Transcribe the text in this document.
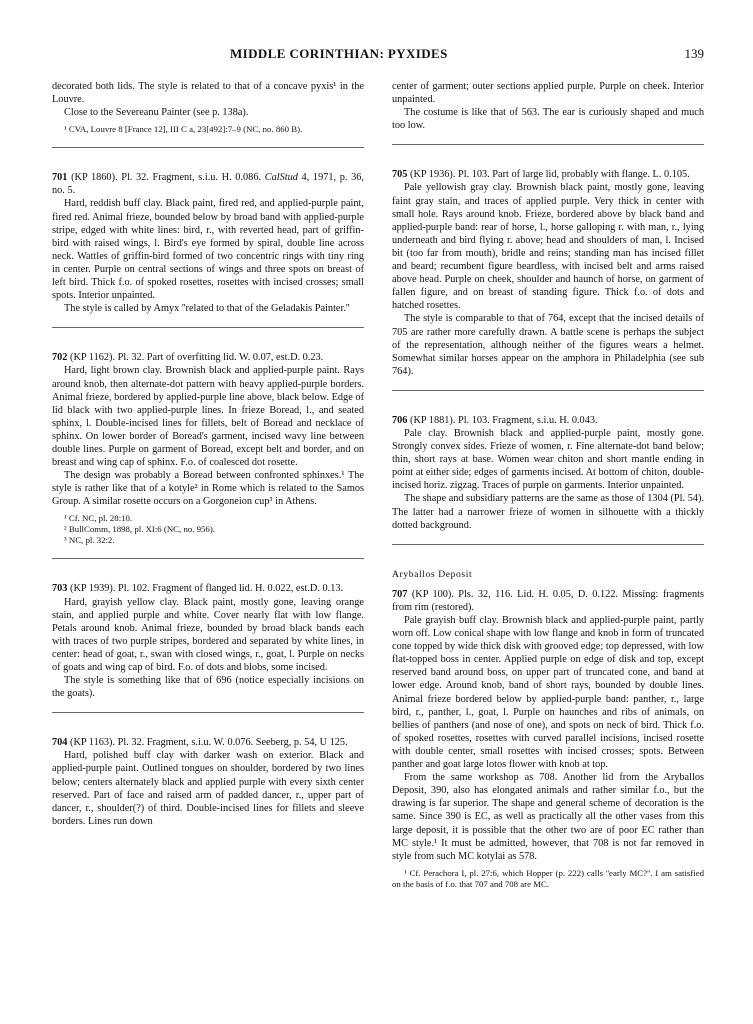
MIDDLE CORINTHIAN: PYXIDES	139

decorated both lids. The style is related to that of a concave pyxis¹ in the Louvre.

Close to the Severeanu Painter (see p. 138a).

¹ CVA, Louvre 8 [France 12], III C a, 23[492]:7–9 (NC, no. 860 B).

701 (KP 1860). Pl. 32. Fragment, s.i.u. H. 0.086. CalStud 4, 1971, p. 36, no. 5.

Hard, reddish buff clay. Black paint, fired red, and applied-purple paint, fired red. Animal frieze, bounded below by broad band with applied-purple stripe, edged with white lines: bird, r., with reverted head, part of griffin-bird with raised wings, l. Bird's eye formed by spiral, double line across neck. Wattles of griffin-bird formed of two concentric rings with tiny ring in center. Purple on central sections of wings and three spots on breast of left bird. Thick f.o. of spoked rosettes, rosettes with incised crosses; small spots. Interior unpainted.

The style is called by Amyx ''related to that of the Geladakis Painter.''

702 (KP 1162). Pl. 32. Part of overfitting lid. W. 0.07, est.D. 0.23.

Hard, light brown clay. Brownish black and applied-purple paint. Rays around knob, then alternate-dot pattern with heavy applied-purple borders. Animal frieze, bordered by applied-purple line above, black below. Edge of lid black with two applied-purple lines. In frieze Boread, l., and seated sphinx, l. Double-incised lines for fillets, belt of Boread and necklace of sphinx. On lower border of Boread's garment, incised wavy line between double lines. Purple on garment of Boread, except belt and border, and on breast and wing cap of sphinx. F.o. of coalesced dot rosette.

The design was probably a Boread between confronted sphinxes.¹ The style is rather like that of a kotyle² in Rome which is related to the Samos Group. A similar rosette occurs on a Gorgoneion cup³ in Athens.

¹ Cf. NC, pl. 28:10.

² BullComm, 1898, pl. XI:6 (NC, no. 956).

³ NC, pl. 32:2.

703 (KP 1939). Pl. 102. Fragment of flanged lid. H. 0.022, est.D. 0.13.

Hard, grayish yellow clay. Black paint, mostly gone, leaving orange stain, and applied purple and white. Cover nearly flat with low flange. Petals around knob. Animal frieze, bounded by broad black bands each with traces of two purple stripes, bordered and separated by white lines, in center: head of goat, r., swan with closed wings, r., goat, l. Purple on necks of goats and wing cap of bird. F.o. of dots and blobs, some incised.

The style is something like that of 696 (notice especially incisions on the goats).

704 (KP 1163). Pl. 32. Fragment, s.i.u. W. 0.076. Seeberg, p. 54, U 125.

Hard, polished buff clay with darker wash on exterior. Black and applied-purple paint. Outlined tongues on shoulder, bordered by two lines below; centers alternately black and applied purple with every sixth center reserved. Part of face and raised arm of padded dancer, r., upper part of dancer, r., shoulder(?) of third. Double-incised lines for fillets and sleeve borders. Lines run down

center of garment; outer sections applied purple. Purple on cheek. Interior unpainted.

The costume is like that of 563. The ear is curiously shaped and much too low.

705 (KP 1936). Pl. 103. Part of large lid, probably with flange. L. 0.105.

Pale yellowish gray clay. Brownish black paint, mostly gone, leaving faint gray stain, and traces of applied purple. Very thick in center with small hole. Rays around knob. Frieze, bordered above by black band and applied-purple band: rear of horse, l., horse galloping r. with man, r., lying underneath and bird flying r. above; head and shoulders of man, l. Incised bit (too far from mouth), bridle and reins; standing man has incised fillet and beard; recumbent figure beardless, with incised belt and arms raised above head. Purple on cheek, shoulder and haunch of horse, on garment of fallen figure, and on breast of standing figure. Thick f.o. of dots and hatched rosettes.

The style is comparable to that of 764, except that the incised details of 705 are rather more carefully drawn. A battle scene is perhaps the subject of the representation, although neither of the figures wears a helmet. Somewhat similar horses appear on the amphora in Philadelphia (see sub 764).

706 (KP 1881). Pl. 103. Fragment, s.i.u. H. 0.043.

Pale clay. Brownish black and applied-purple paint, mostly gone. Strongly convex sides. Frieze of women, r. Fine alternate-dot band below; thin, short rays at base. Women wear chiton and short mantle ending in point at either side; edges of garments incised. At bottom of chiton, double-incised horiz. zigzag. Traces of purple on garments. Interior unpainted.

The shape and subsidiary patterns are the same as those of 1304 (Pl. 54). The latter had a narrower frieze of women in silhouette with a thickly dotted background.

Aryballos Deposit

707 (KP 100). Pls. 32, 116. Lid. H. 0.05, D. 0.122. Missing: fragments from rim (restored).

Pale grayish buff clay. Brownish black and applied-purple paint, partly worn off. Low conical shape with low flange and knob in form of truncated cone topped by wide thick disk with grooved edge; top depressed, with low flat-topped boss in center. Applied purple on edge of disk and top, except reserved band around boss, on upper part of truncated cone, and band at lower edge. Around knob, band of short rays, bounded by double lines. Animal frieze bordered below by applied-purple band: panther, r., large bird, r., panther, l., goat, l. Purple on haunches and ribs of animals, on bellies of panthers (and nose of one), and spots on neck of bird. Thick f.o. of spoked rosettes, rosettes with curved parallel incisions, incised rosette with double center, small rosettes with incised crosses; spots. Between panther and goat large lotos flower with knob at top.

From the same workshop as 708. Another lid from the Aryballos Deposit, 390, also has elongated animals and rather similar f.o., but the drawing is far superior. The shape and general scheme of decoration is the same. Since 390 is EC, as well as practically all the other vases from this large deposit, it is possible that the other two are of poor EC rather than MC style.¹ It must be admitted, however, that 708 is not far removed in style from such MC kotylai as 578.

¹ Cf. Perachora I, pl. 27:6, which Hopper (p. 222) calls ''early MC?''. I am satisfied on the basis of f.o. that 707 and 708 are MC.
